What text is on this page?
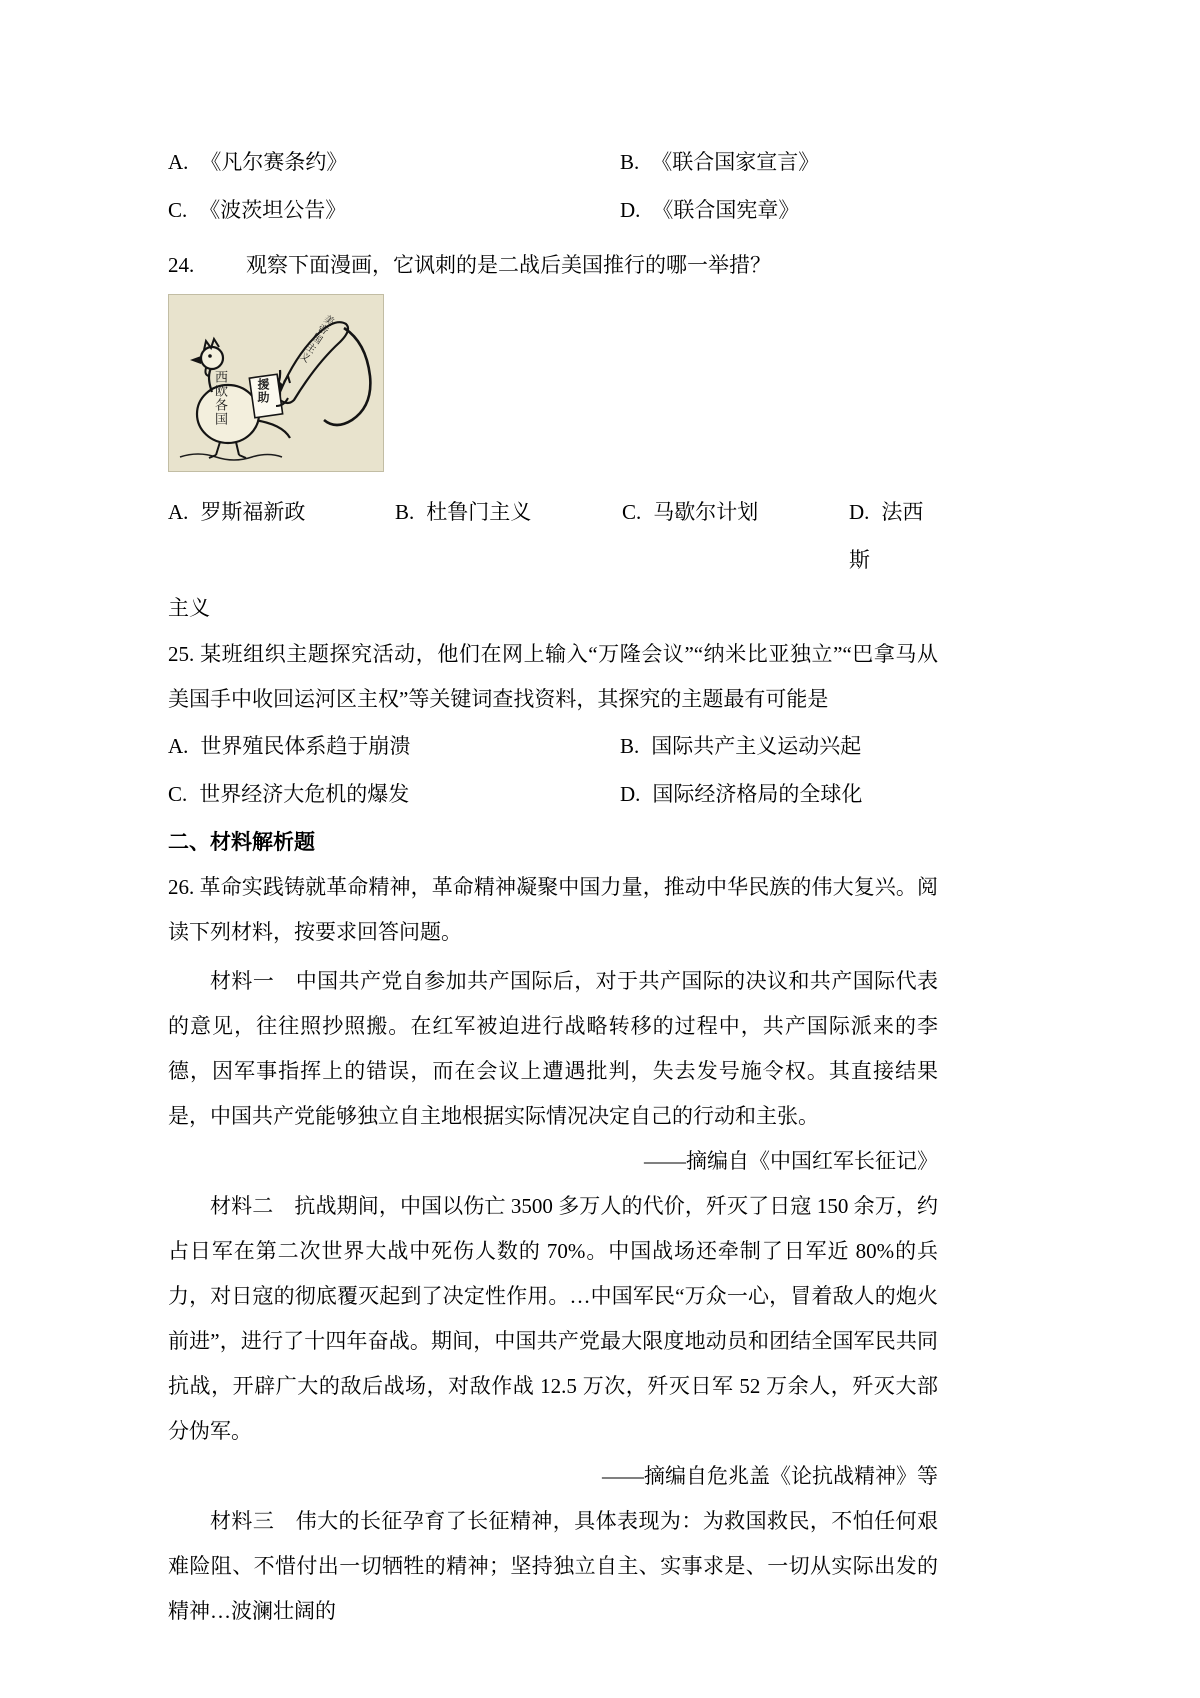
A. 《凡尔赛条约》	B. 《联合国家宣言》
C. 《波茨坦公告》	D. 《联合国宪章》
24.	观察下面漫画，它讽刺的是二战后美国推行的哪一举措？
西欧各国
美帝国主义
援助
A. 罗斯福新政	B. 杜鲁门主义	C. 马歇尔计划	D. 法西斯
主义
25. 某班组织主题探究活动，他们在网上输入“万隆会议”“纳米比亚独立”“巴拿马从美国手中收回运河区主权”等关键词查找资料，其探究的主题最有可能是
A. 世界殖民体系趋于崩溃	B. 国际共产主义运动兴起
C. 世界经济大危机的爆发	D. 国际经济格局的全球化
二、材料解析题
26. 革命实践铸就革命精神，革命精神凝聚中国力量，推动中华民族的伟大复兴。阅读下列材料，按要求回答问题。
材料一　中国共产党自参加共产国际后，对于共产国际的决议和共产国际代表的意见，往往照抄照搬。在红军被迫进行战略转移的过程中，共产国际派来的李德，因军事指挥上的错误，而在会议上遭遇批判，失去发号施令权。其直接结果是，中国共产党能够独立自主地根据实际情况决定自己的行动和主张。
——摘编自《中国红军长征记》
材料二　抗战期间，中国以伤亡 3500 多万人的代价，歼灭了日寇 150 余万，约占日军在第二次世界大战中死伤人数的 70%。中国战场还牵制了日军近 80%的兵力，对日寇的彻底覆灭起到了决定性作用。…中国军民“万众一心，冒着敌人的炮火前进”，进行了十四年奋战。期间，中国共产党最大限度地动员和团结全国军民共同抗战，开辟广大的敌后战场，对敌作战 12.5 万次，歼灭日军 52 万余人，歼灭大部分伪军。
——摘编自危兆盖《论抗战精神》等
材料三　伟大的长征孕育了长征精神，具体表现为：为救国救民，不怕任何艰难险阻、不惜付出一切牺牲的精神；坚持独立自主、实事求是、一切从实际出发的精神…波澜壮阔的
